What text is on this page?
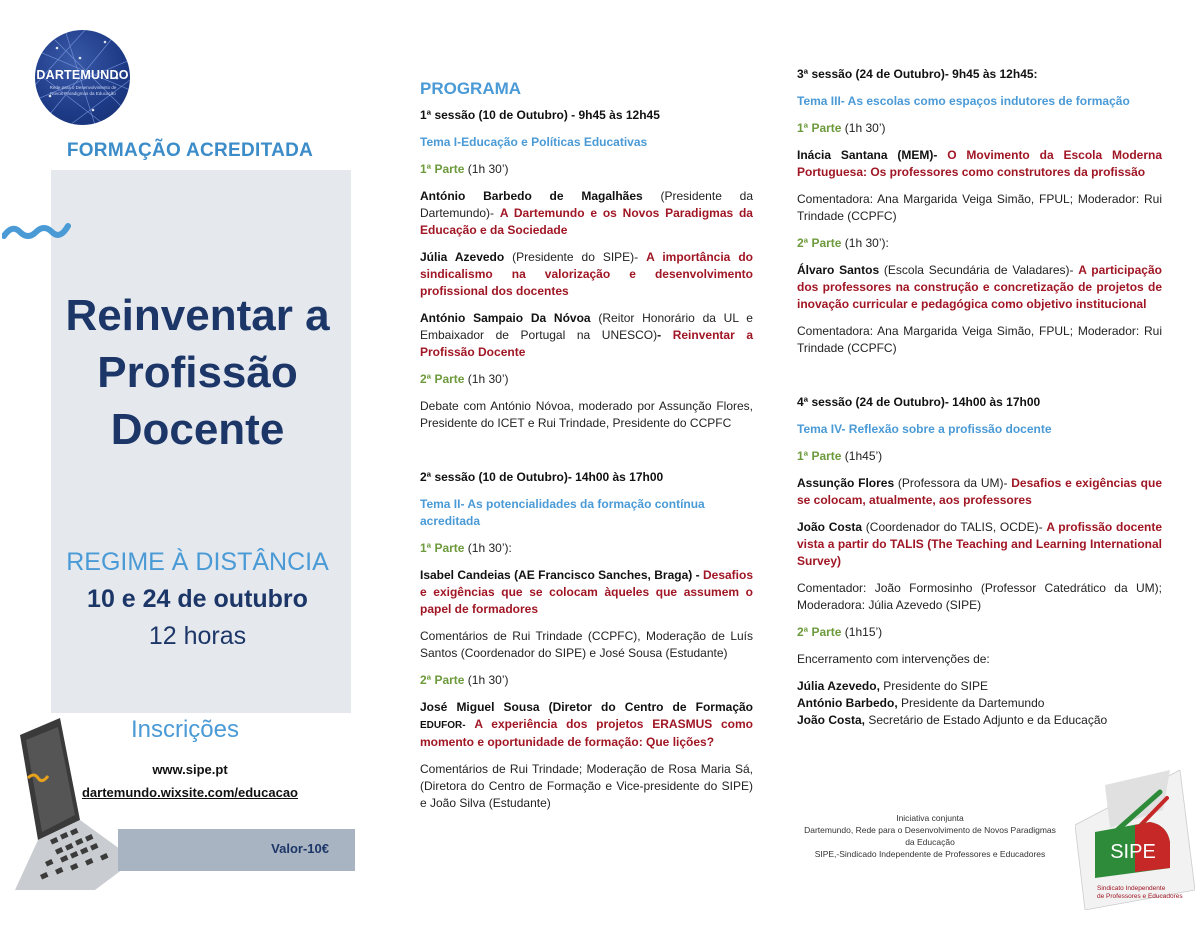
DARTEMUNDO
Rede para o Desenvolvimento de Novos Paradigmas da Educação
FORMAÇÃO ACREDITADA
Reinventar a
Profissão
Docente
REGIME À DISTÂNCIA
10 e 24 de outubro
12 horas
Inscrições
www.sipe.pt
dartemundo.wixsite.com/educacao
Valor-10€
PROGRAMA
1ª sessão (10 de Outubro) - 9h45 às 12h45
Tema I-Educação e Políticas Educativas
1ª Parte (1h 30’)
António Barbedo de Magalhães (Presidente da Dartemundo)- A Dartemundo e os Novos Paradigmas da Educação e da Sociedade
Júlia Azevedo (Presidente do SIPE)- A importância do sindicalismo na valorização e desenvolvimento profissional dos docentes
António Sampaio Da Nóvoa (Reitor Honorário da UL e Embaixador de Portugal na UNESCO)- Reinventar a Profissão Docente
2ª Parte (1h 30’)
Debate com António Nóvoa, moderado por Assunção Flores, Presidente do ICET e Rui Trindade, Presidente do CCPFC
2ª sessão (10 de Outubro)- 14h00 às 17h00
Tema II- As potencialidades da formação contínua acreditada
1ª Parte (1h 30’):
Isabel Candeias (AE Francisco Sanches, Braga) - Desafios e exigências que se colocam àqueles que assumem o papel de formadores
Comentários de Rui Trindade (CCPFC), Moderação de Luís Santos (Coordenador do SIPE) e José Sousa (Estudante)
2ª Parte (1h 30’)
José Miguel Sousa (Diretor do Centro de Formação EDUFOR- A experiência dos projetos ERASMUS como momento e oportunidade de formação: Que lições?
Comentários de Rui Trindade; Moderação de Rosa Maria Sá, (Diretora do Centro de Formação e Vice-presidente do SIPE) e João Silva (Estudante)
3ª sessão (24 de Outubro)- 9h45 às 12h45:
Tema III- As escolas como espaços indutores de formação
1ª Parte (1h 30’)
Inácia Santana (MEM)- O Movimento da Escola Moderna Portuguesa: Os professores como construtores da profissão
Comentadora: Ana Margarida Veiga Simão, FPUL; Moderador: Rui Trindade (CCPFC)
2ª Parte (1h 30’):
Álvaro Santos (Escola Secundária de Valadares)- A participação dos professores na construção e concretização de projetos de inovação curricular e pedagógica como objetivo institucional
Comentadora: Ana Margarida Veiga Simão, FPUL; Moderador: Rui Trindade (CCPFC)
4ª sessão (24 de Outubro)- 14h00 às 17h00
Tema IV- Reflexão sobre a profissão docente
1ª Parte (1h45’)
Assunção Flores (Professora da UM)- Desafios e exigências que se colocam, atualmente, aos professores
João Costa (Coordenador do TALIS, OCDE)- A profissão docente vista a partir do TALIS (The Teaching and Learning International Survey)
Comentador: João Formosinho (Professor Catedrático da UM); Moderadora: Júlia Azevedo (SIPE)
2ª Parte (1h15’)
Encerramento com intervenções de:
Júlia Azevedo, Presidente do SIPE
António Barbedo, Presidente da Dartemundo
João Costa, Secretário de Estado Adjunto e da Educação
Iniciativa conjunta
Dartemundo, Rede para o Desenvolvimento de Novos Paradigmas
da Educação
SIPE,-Sindicado Independente de Professores e Educadores	SIPE
Sindicato Independente
de Professores e Educadores
